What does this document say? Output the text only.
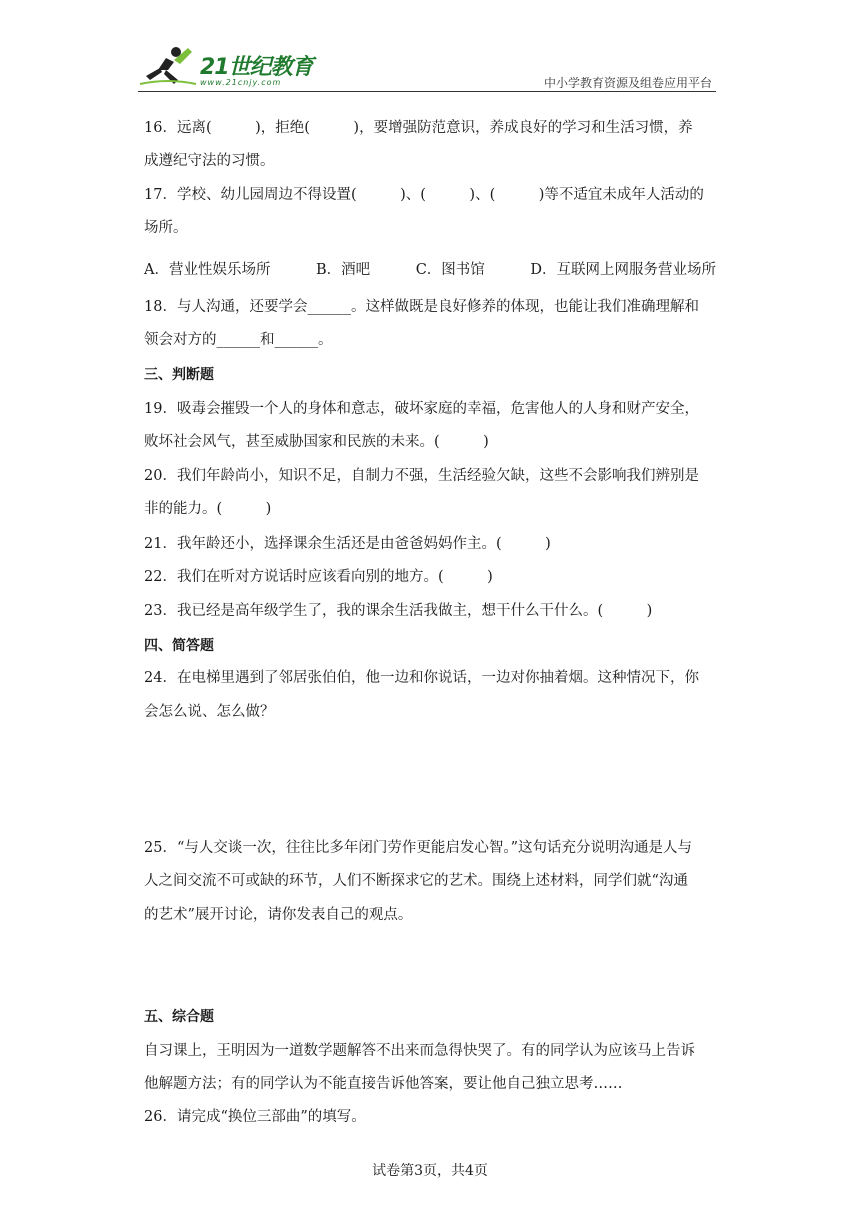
21世纪教育
www.21cnjy.com	中小学教育资源及组卷应用平台
16．远离(　　　)，拒绝(　　　)，要增强防范意识，养成良好的学习和生活习惯，养
成遵纪守法的习惯。
17．学校、幼儿园周边不得设置(　　　)、(　　　)、(　　　)等不适宜未成年人活动的
场所。
A．营业性娱乐场所	B．酒吧	C．图书馆	D．互联网上网服务营业场所
18．与人沟通，还要学会______。这样做既是良好修养的体现，也能让我们准确理解和
领会对方的______和______。
三、判断题
19．吸毒会摧毁一个人的身体和意志，破坏家庭的幸福，危害他人的人身和财产安全，
败坏社会风气，甚至威胁国家和民族的未来。(　　　)
20．我们年龄尚小，知识不足，自制力不强，生活经验欠缺，这些不会影响我们辨别是
非的能力。(　　　)
21．我年龄还小，选择课余生活还是由爸爸妈妈作主。(　　　)
22．我们在听对方说话时应该看向别的地方。(　　　)
23．我已经是高年级学生了，我的课余生活我做主，想干什么干什么。(　　　)
四、简答题
24．在电梯里遇到了邻居张伯伯，他一边和你说话，一边对你抽着烟。这种情况下，你
会怎么说、怎么做？
25．“与人交谈一次，往往比多年闭门劳作更能启发心智。”这句话充分说明沟通是人与
人之间交流不可或缺的环节，人们不断探求它的艺术。围绕上述材料，同学们就“沟通
的艺术”展开讨论，请你发表自己的观点。
五、综合题
自习课上，王明因为一道数学题解答不出来而急得快哭了。有的同学认为应该马上告诉
他解题方法；有的同学认为不能直接告诉他答案，要让他自己独立思考……
26．请完成“换位三部曲”的填写。
试卷第3页，共4页
